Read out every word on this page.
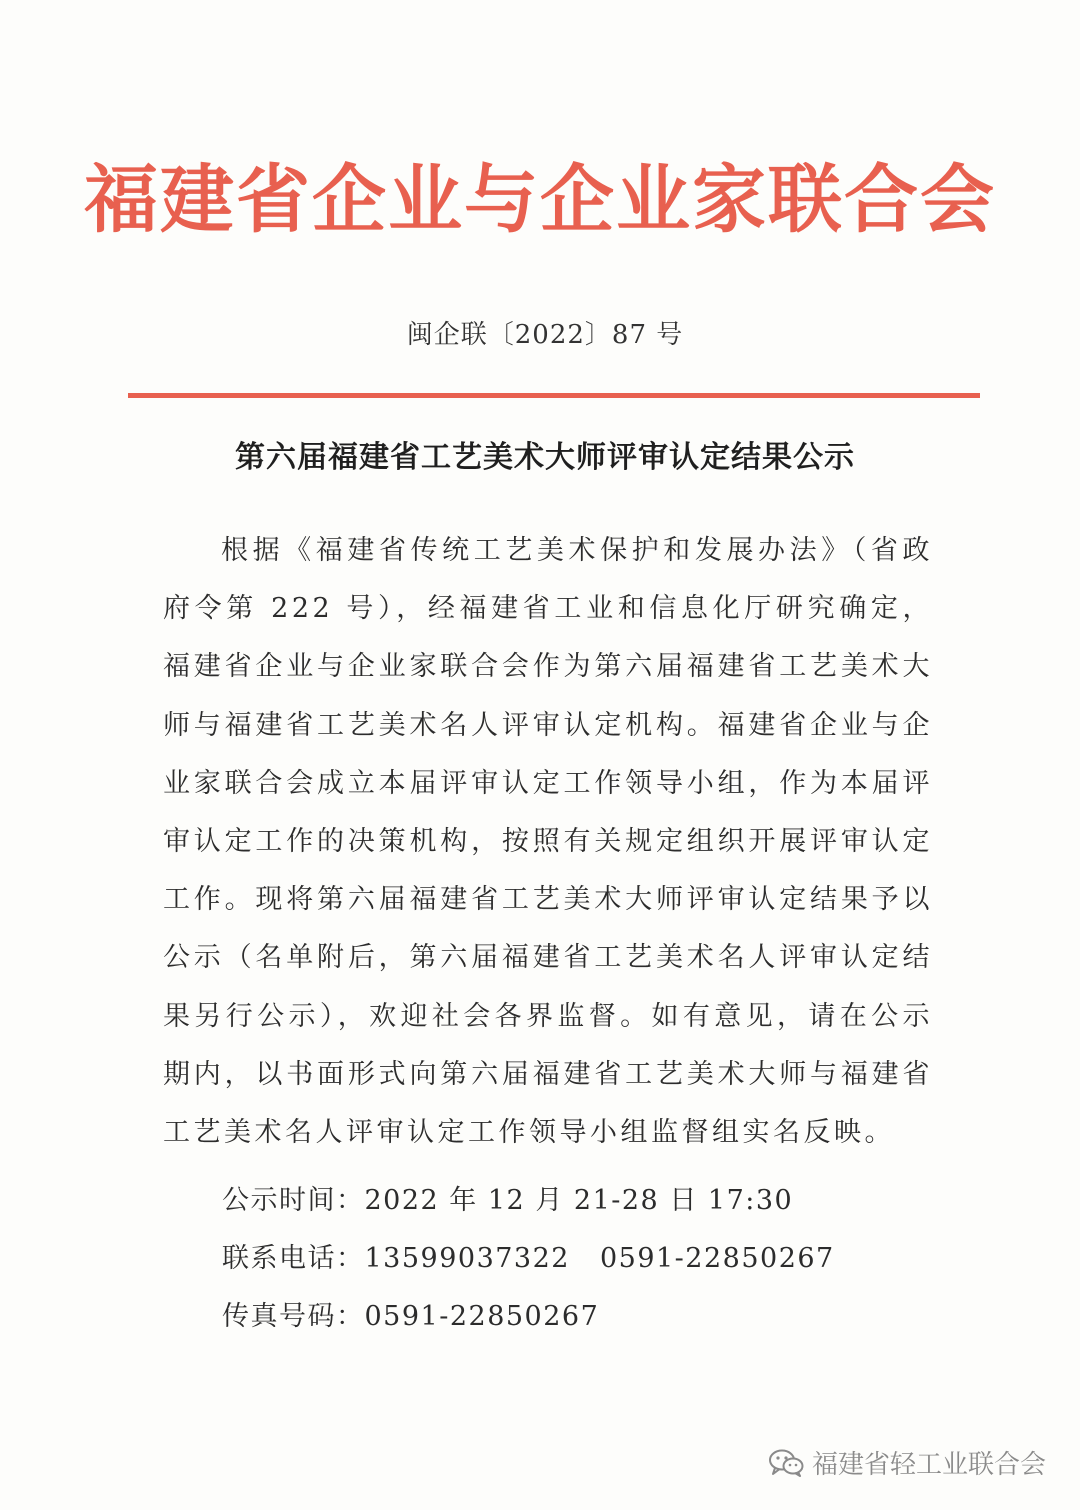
福建省企业与企业家联合会
闽企联〔2022〕87 号
第六届福建省工艺美术大师评审认定结果公示

根据《福建省传统工艺美术保护和发展办法》（省政府令第 222 号），经福建省工业和信息化厅研究确定，福建省企业与企业家联合会作为第六届福建省工艺美术大师与福建省工艺美术名人评审认定机构。福建省企业与企业家联合会成立本届评审认定工作领导小组，作为本届评审认定工作的决策机构，按照有关规定组织开展评审认定工作。现将第六届福建省工艺美术大师评审认定结果予以公示（名单附后，第六届福建省工艺美术名人评审认定结果另行公示），欢迎社会各界监督。如有意见，请在公示期内，以书面形式向第六届福建省工艺美术大师与福建省工艺美术名人评审认定工作领导小组监督组实名反映。

公示时间：2022 年 12 月 21-28 日 17:30
联系电话：13599037322 0591-22850267
传真号码：0591-22850267
福建省轻工业联合会
